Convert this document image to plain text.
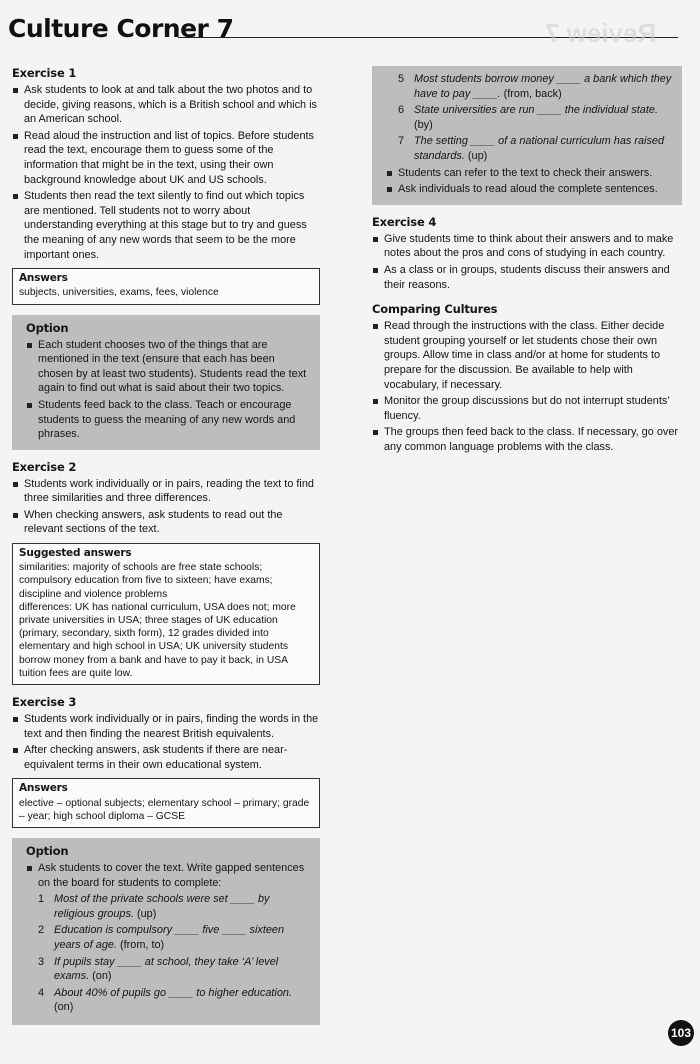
Culture Corner 7	Review 7
Exercise 1
Ask students to look at and talk about the two photos and to decide, giving reasons, which is a British school and which is an American school.
Read aloud the instruction and list of topics. Before students read the text, encourage them to guess some of the information that might be in the text, using their own background knowledge about UK and US schools.
Students then read the text silently to find out which topics are mentioned. Tell students not to worry about understanding everything at this stage but to try and guess the meaning of any new words that seem to be the more important ones.
Answers
subjects, universities, exams, fees, violence
Option
Each student chooses two of the things that are mentioned in the text (ensure that each has been chosen by at least two students). Students read the text again to find out what is said about their two topics.
Students feed back to the class. Teach or encourage students to guess the meaning of any new words and phrases.
Exercise 2
Students work individually or in pairs, reading the text to find three similarities and three differences.
When checking answers, ask students to read out the relevant sections of the text.
Suggested answers
similarities: majority of schools are free state schools; compulsory education from five to sixteen; have exams; discipline and violence problems
differences: UK has national curriculum, USA does not; more private universities in USA; three stages of UK education (primary, secondary, sixth form), 12 grades divided into elementary and high school in USA; UK university students borrow money from a bank and have to pay it back, in USA tuition fees are quite low.
Exercise 3
Students work individually or in pairs, finding the words in the text and then finding the nearest British equivalents.
After checking answers, ask students if there are near-equivalent terms in their own educational system.
Answers
elective – optional subjects; elementary school – primary; grade – year; high school diploma – GCSE
Option
Ask students to cover the text. Write gapped sentences on the board for students to complete:
1 Most of the private schools were set ____ by religious groups. (up)
2 Education is compulsory ____ five ____ sixteen years of age. (from, to)
3 If pupils stay ____ at school, they take ‘A’ level exams. (on)
4 About 40% of pupils go ____ to higher education. (on)
5 Most students borrow money ____ a bank which they have to pay ____. (from, back)
6 State universities are run ____ the individual state. (by)
7 The setting ____ of a national curriculum has raised standards. (up)
Students can refer to the text to check their answers.
Ask individuals to read aloud the complete sentences.
Exercise 4
Give students time to think about their answers and to make notes about the pros and cons of studying in each country.
As a class or in groups, students discuss their answers and their reasons.
Comparing Cultures
Read through the instructions with the class. Either decide student grouping yourself or let students chose their own groups. Allow time in class and/or at home for students to prepare for the discussion. Be available to help with vocabulary, if necessary.
Monitor the group discussions but do not interrupt students’ fluency.
The groups then feed back to the class. If necessary, go over any common language problems with the class.
103
